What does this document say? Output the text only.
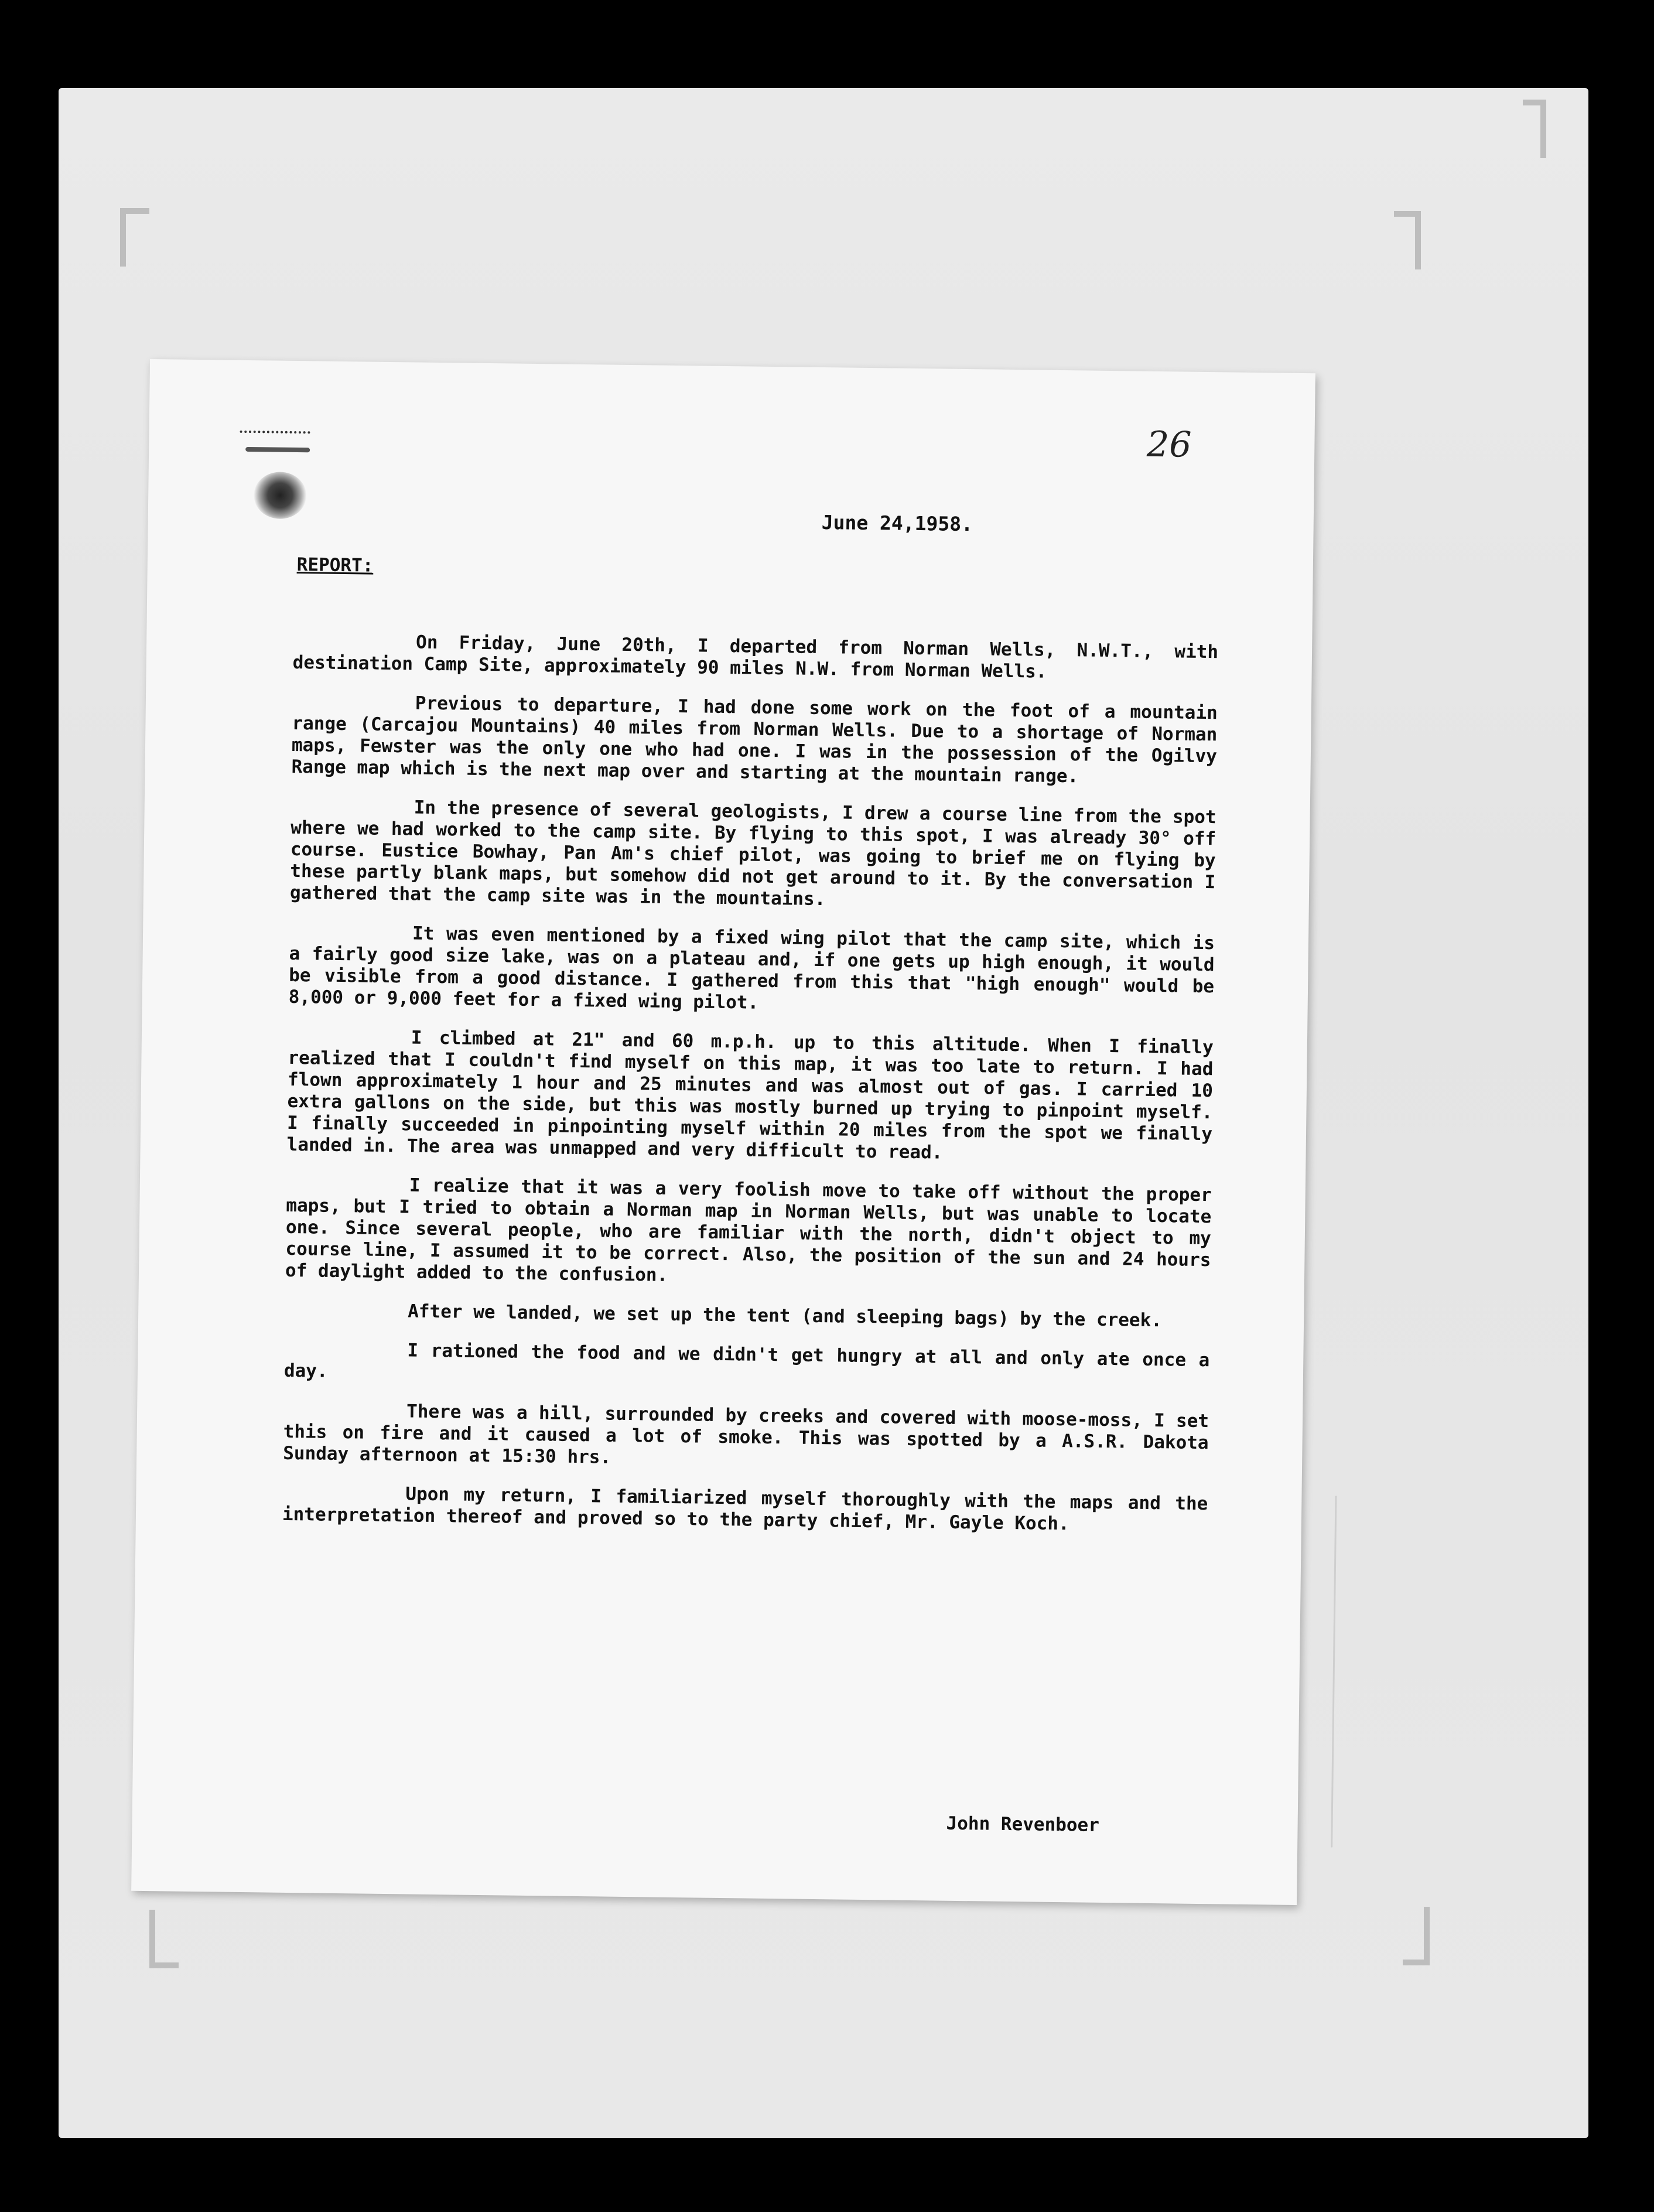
26
June 24,1958.
REPORT:

On Friday, June 20th, I departed from Norman Wells, N.W.T., with destination Camp Site, approximately 90 miles N.W. from Norman Wells.

Previous to departure, I had done some work on the foot of a mountain range (Carcajou Mountains) 40 miles from Norman Wells. Due to a shortage of Norman maps, Fewster was the only one who had one. I was in the possession of the Ogilvy Range map which is the next map over and starting at the mountain range.

In the presence of several geologists, I drew a course line from the spot where we had worked to the camp site. By flying to this spot, I was already 30° off course. Eustice Bowhay, Pan Am's chief pilot, was going to brief me on flying by these partly blank maps, but somehow did not get around to it. By the conversation I gathered that the camp site was in the mountains.

It was even mentioned by a fixed wing pilot that the camp site, which is a fairly good size lake, was on a plateau and, if one gets up high enough, it would be visible from a good distance. I gathered from this that "high enough" would be 8,000 or 9,000 feet for a fixed wing pilot.

I climbed at 21" and 60 m.p.h. up to this altitude. When I finally realized that I couldn't find myself on this map, it was too late to return. I had flown approximately 1 hour and 25 minutes and was almost out of gas. I carried 10 extra gallons on the side, but this was mostly burned up trying to pinpoint myself. I finally succeeded in pinpointing myself within 20 miles from the spot we finally landed in. The area was unmapped and very difficult to read.

I realize that it was a very foolish move to take off without the proper maps, but I tried to obtain a Norman map in Norman Wells, but was unable to locate one. Since several people, who are familiar with the north, didn't object to my course line, I assumed it to be correct. Also, the position of the sun and 24 hours of daylight added to the confusion.

After we landed, we set up the tent (and sleeping bags) by the creek.

I rationed the food and we didn't get hungry at all and only ate once a day.

There was a hill, surrounded by creeks and covered with moose-moss, I set this on fire and it caused a lot of smoke. This was spotted by a A.S.R. Dakota Sunday afternoon at 15:30 hrs.

Upon my return, I familiarized myself thoroughly with the maps and the interpretation thereof and proved so to the party chief, Mr. Gayle Koch.

John Revenboer
